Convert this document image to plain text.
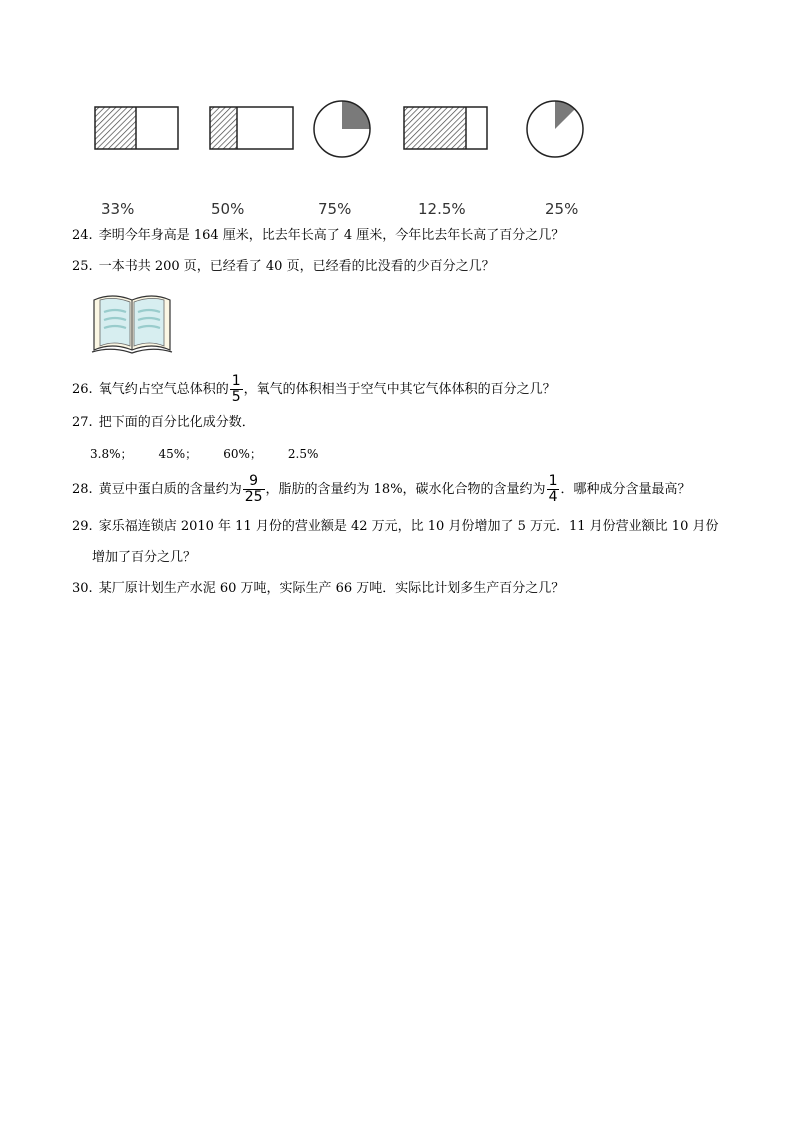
33%	50%	75%	12.5%	25%
24. 李明今年身高是 164 厘米，比去年长高了 4 厘米，今年比去年长高了百分之几？
25. 一本书共 200 页，已经看了 40 页，已经看的比没看的少百分之几？
26. 氧气约占空气总体积的 $\frac{1}{5}$ ，氧气的体积相当于空气中其它气体体积的百分之几？
27. 把下面的百分比化成分数．
3.8%； 45%； 60%； 2.5%
28. 黄豆中蛋白质的含量约为 $\frac{9}{25}$ ，脂肪的含量约为 18%，碳水化合物的含量约为 $\frac{1}{4}$ ．哪种成分含量最高？
29. 家乐福连锁店 2010 年 11 月份的营业额是 42 万元，比 10 月份增加了 5 万元．11 月份营业额比 10 月份
增加了百分之几？
30. 某厂原计划生产水泥 60 万吨，实际生产 66 万吨．实际比计划多生产百分之几？
